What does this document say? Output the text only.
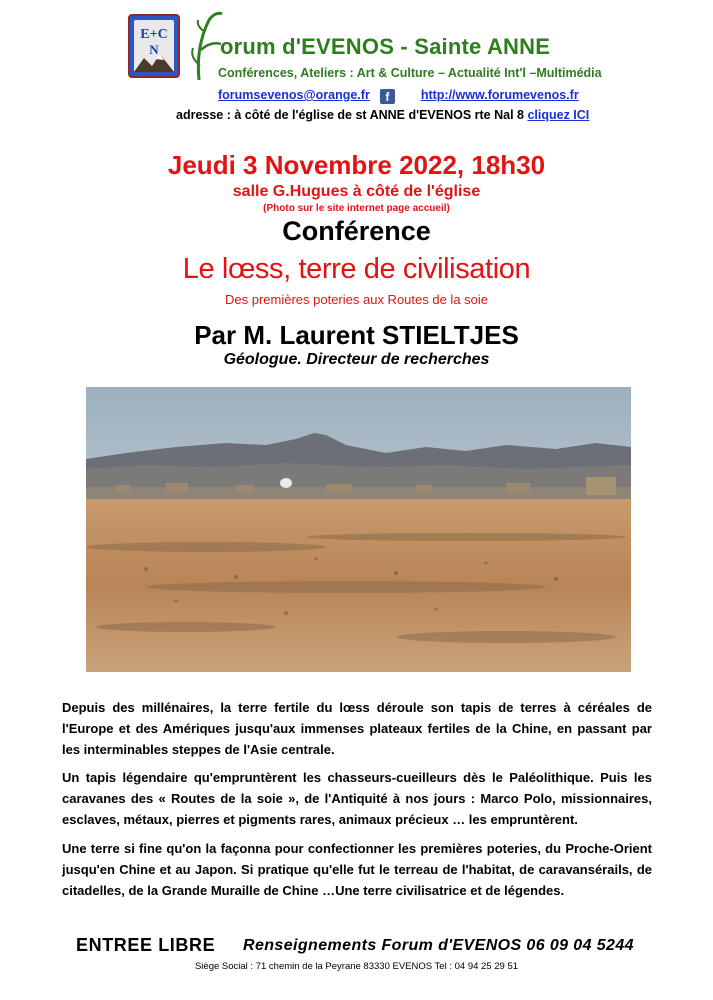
E+C
N	orum d'EVENOS - Sainte ANNE
Conférences, Ateliers : Art & Culture – Actualité Int'l –Multimédia
forumsevenos@orange.fr f	http://www.forumevenos.fr
adresse : à côté de l'église de st ANNE d'EVENOS rte Nal 8 cliquez ICI
Jeudi 3 Novembre 2022, 18h30
salle G.Hugues à côté de l'église
(Photo sur le site internet page accueil)
Conférence
Le lœss, terre de civilisation
Des premières poteries aux Routes de la soie
Par M. Laurent STIELTJES
Géologue. Directeur de recherches
Depuis des millénaires, la terre fertile du lœss déroule son tapis de terres à céréales de l'Europe et des Amériques jusqu'aux immenses plateaux fertiles de la Chine, en passant par les interminables steppes de l'Asie centrale.
Un tapis légendaire qu'empruntèrent les chasseurs-cueilleurs dès le Paléolithique. Puis les caravanes des « Routes de la soie », de l'Antiquité à nos jours : Marco Polo, missionnaires, esclaves, métaux, pierres et pigments rares, animaux précieux … les empruntèrent.
Une terre si fine qu'on la façonna pour confectionner les premières poteries, du Proche-Orient jusqu'en Chine et au Japon. Si pratique qu'elle fut le terreau de l'habitat, de caravansérails, de citadelles, de la Grande Muraille de Chine …Une terre civilisatrice et de légendes.
ENTREE LIBRE Renseignements Forum d'EVENOS 06 09 04 5244
Siège Social : 71 chemin de la Peyrane 83330 EVENOS Tel : 04 94 25 29 51
